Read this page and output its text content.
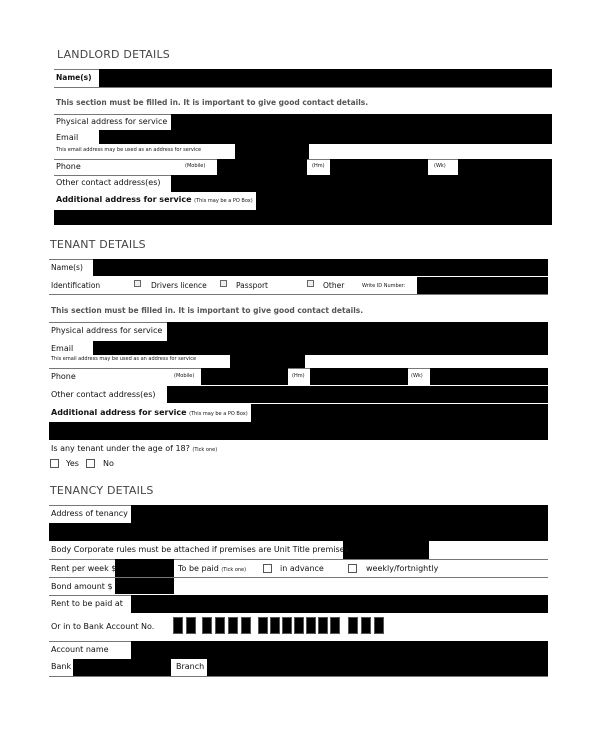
LANDLORD DETAILS
Name(s)
This section must be filled in. It is important to give good contact details.
Physical address for service
Email
This email address may be used as an address for service
Phone	(Mobile)	(Hm)	(Wk)
Other contact address(es)
Additional address for service (This may be a PO Box)
TENANT DETAILS
Name(s)
Identification	Drivers licence	Passport	Other	Write ID Number:
This section must be filled in. It is important to give good contact details.
Physical address for service
Email
This email address may be used as an address for service
Phone	(Mobile)	(Hm)	(Wk)
Other contact address(es)
Additional address for service (This may be a PO Box)
Is any tenant under the age of 18? (Tick one)
Yes	No
TENANCY DETAILS
Address of tenancy
Body Corporate rules must be attached if premises are Unit Title premises
Rent per week $	To be paid (Tick one)	in advance	weekly/fortnightly
Bond amount $
Rent to be paid at
Or in to Bank Account No.
Account name
Bank	Branch
